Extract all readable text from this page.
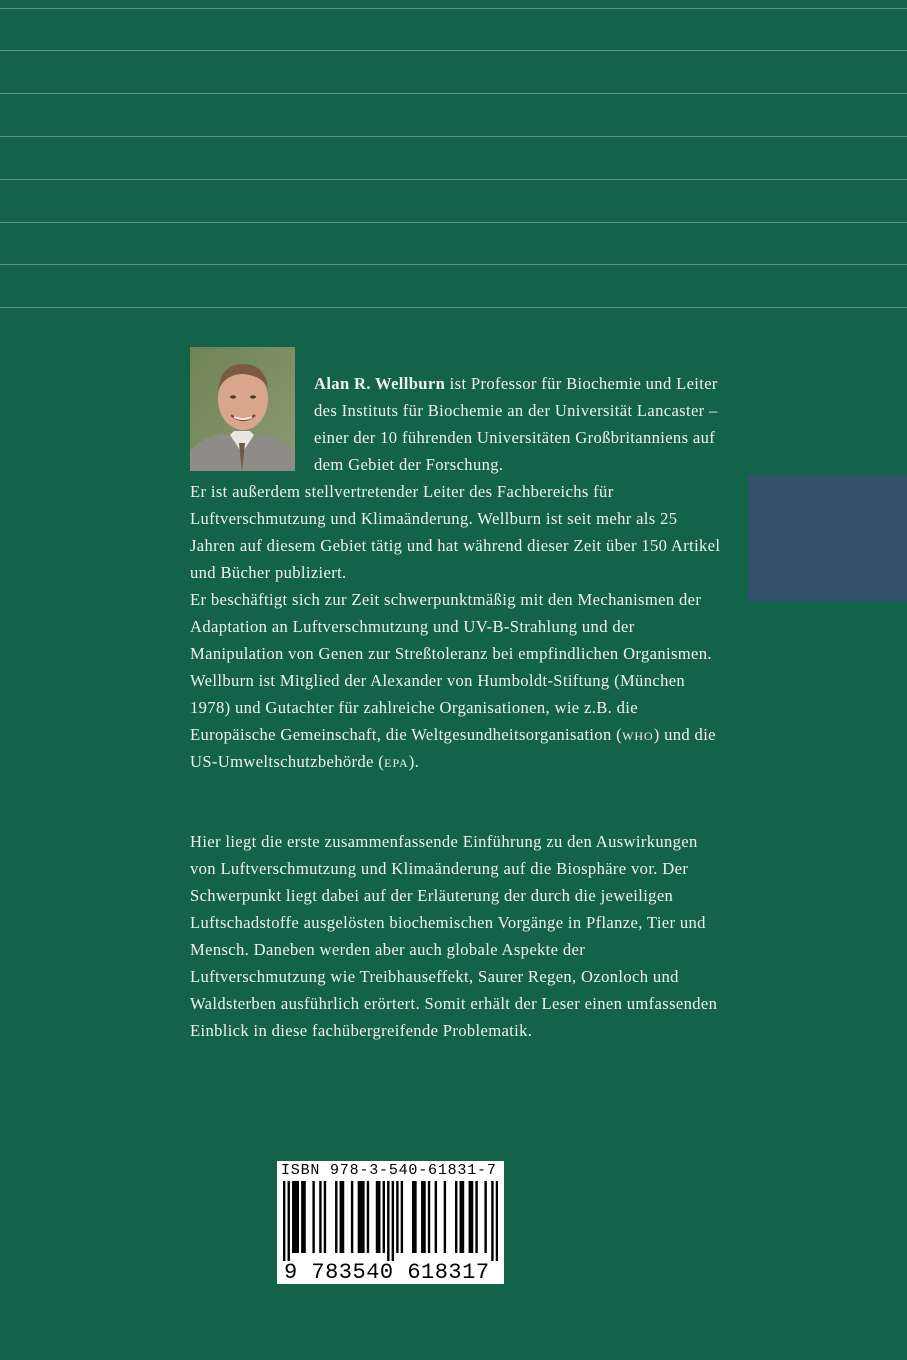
Alan R. Wellburn ist Professor für Biochemie und Leiter des Instituts für Biochemie an der Universität Lancaster – einer der 10 führenden Universitäten Großbritanniens auf dem Gebiet der Forschung.

Er ist außerdem stellvertretender Leiter des Fachbereichs für Luftverschmutzung und Klimaänderung. Wellburn ist seit mehr als 25 Jahren auf diesem Gebiet tätig und hat während dieser Zeit über 150 Artikel und Bücher publiziert.

Er beschäftigt sich zur Zeit schwerpunktmäßig mit den Mechanismen der Adaptation an Luftverschmutzung und UV-B-Strahlung und der Manipulation von Genen zur Streßtoleranz bei empfindlichen Organismen.

Wellburn ist Mitglied der Alexander von Humboldt-Stiftung (München 1978) und Gutachter für zahlreiche Organisationen, wie z.B. die Europäische Gemeinschaft, die Weltgesundheitsorganisation (who) und die US-Umweltschutzbehörde (epa).

Hier liegt die erste zusammenfassende Einführung zu den Auswirkungen von Luftverschmutzung und Klimaänderung auf die Biosphäre vor. Der Schwerpunkt liegt dabei auf der Erläuterung der durch die jeweiligen Luftschadstoffe ausgelösten biochemischen Vorgänge in Pflanze, Tier und Mensch. Daneben werden aber auch globale Aspekte der Luftverschmutzung wie Treibhauseffekt, Saurer Regen, Ozonloch und Waldsterben ausführlich erörtert. Somit erhält der Leser einen umfassenden Einblick in diese fachübergreifende Problematik.

ISBN 978-3-540-61831-7
9 783540 618317
